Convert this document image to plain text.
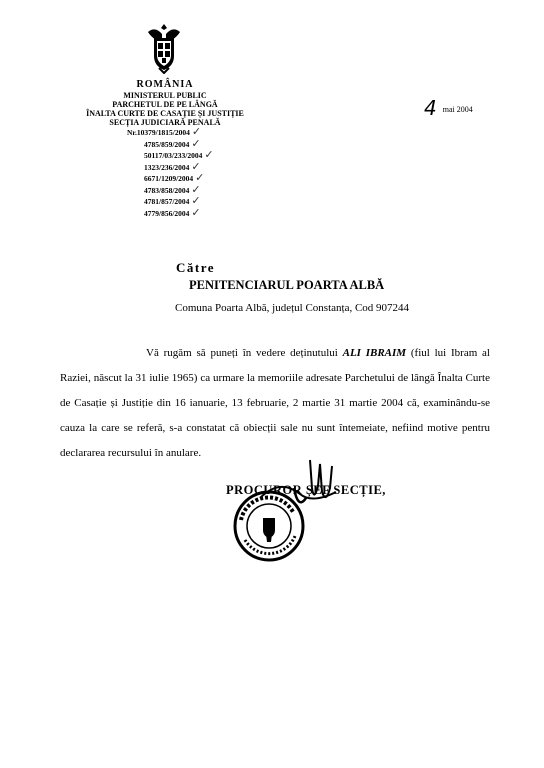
ROMÂNIA
MINISTERUL PUBLIC
PARCHETUL DE PE LÂNGĂ
ÎNALTA CURTE DE CASAȚIE ȘI JUSTIȚIE
SECȚIA JUDICIARĂ PENALĂ
Nr.10379/1815/2004 ✓
4785/859/2004 ✓
50117/03/233/2004 ✓
1323/236/2004 ✓
6671/1209/2004 ✓
4783/858/2004 ✓
4781/857/2004 ✓
4779/856/2004 ✓
4 mai 2004
Către
PENITENCIARUL POARTA ALBĂ
Comuna Poarta Albă, județul Constanța, Cod 907244
Vă rugăm să puneți în vedere deținutului ALI IBRAIM (fiul lui Ibram al Raziei, născut la 31 iulie 1965) ca urmare la memoriile adresate Parchetului de lângă Înalta Curte de Casație și Justiție din 16 ianuarie, 13 februarie, 2 martie 31 martie 2004 că, examinându-se cauza la care se referă, s-a constatat că obiecții sale nu sunt întemeiate, nefiind motive pentru declararea recursului în anulare.
PROCUROR ȘEF SECȚIE,
